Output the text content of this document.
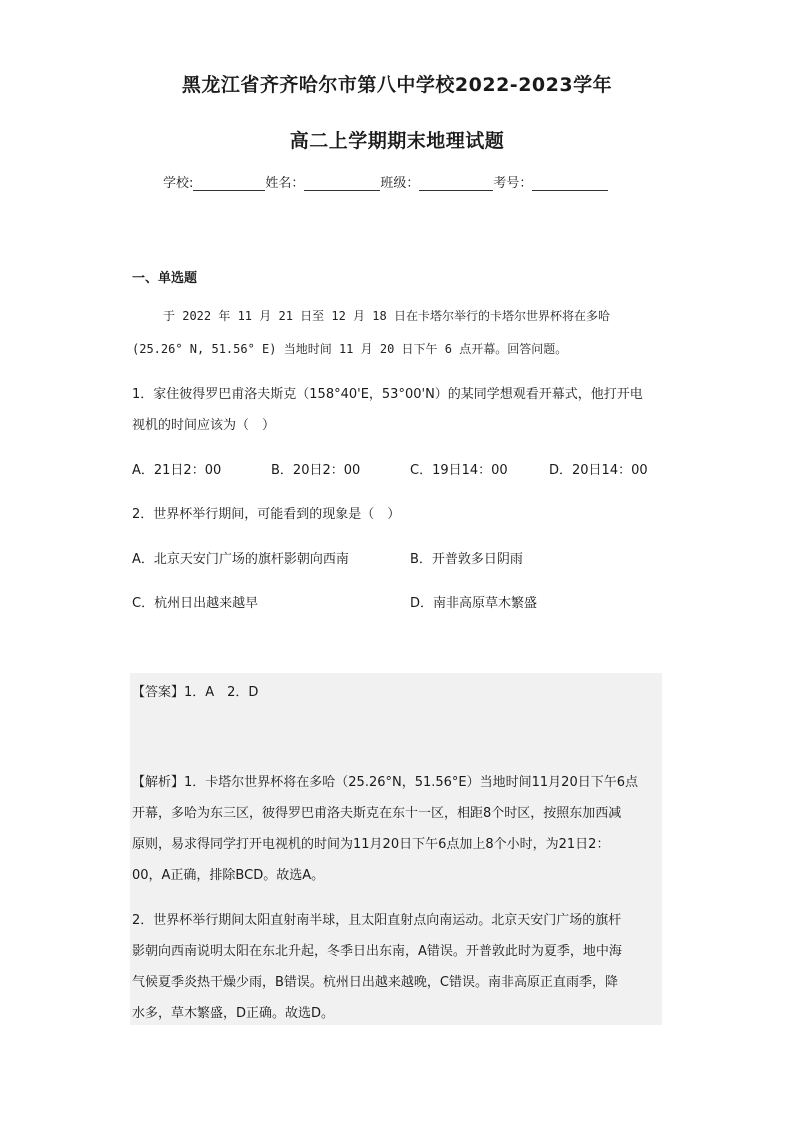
黑龙江省齐齐哈尔市第八中学校2022-2023学年
高二上学期期末地理试题
学校:	姓名：	班级：	考号：
一、单选题
于 2022 年 11 月 21 日至 12 月 18 日在卡塔尔举行的卡塔尔世界杯将在多哈
(25.26° N, 51.56° E) 当地时间 11 月 20 日下午 6 点开幕。回答问题。
1．家住彼得罗巴甫洛夫斯克（158°40'E，53°00'N）的某同学想观看开幕式，他打开电
视机的时间应该为（　）
A．21日2：00	B．20日2：00	C．19日14：00	D．20日14：00
2．世界杯举行期间，可能看到的现象是（　）
A．北京天安门广场的旗杆影朝向西南	B．开普敦多日阴雨
C．杭州日出越来越早	D．南非高原草木繁盛
【答案】1．A　2．D
【解析】1．卡塔尔世界杯将在多哈（25.26°N，51.56°E）当地时间11月20日下午6点
开幕，多哈为东三区，彼得罗巴甫洛夫斯克在东十一区，相距8个时区，按照东加西减
原则，易求得同学打开电视机的时间为11月20日下午6点加上8个小时，为21日2：
00，A正确，排除BCD。故选A。
2．世界杯举行期间太阳直射南半球，且太阳直射点向南运动。北京天安门广场的旗杆
影朝向西南说明太阳在东北升起，冬季日出东南，A错误。开普敦此时为夏季，地中海
气候夏季炎热干燥少雨，B错误。杭州日出越来越晚，C错误。南非高原正直雨季，降
水多，草木繁盛，D正确。故选D。
